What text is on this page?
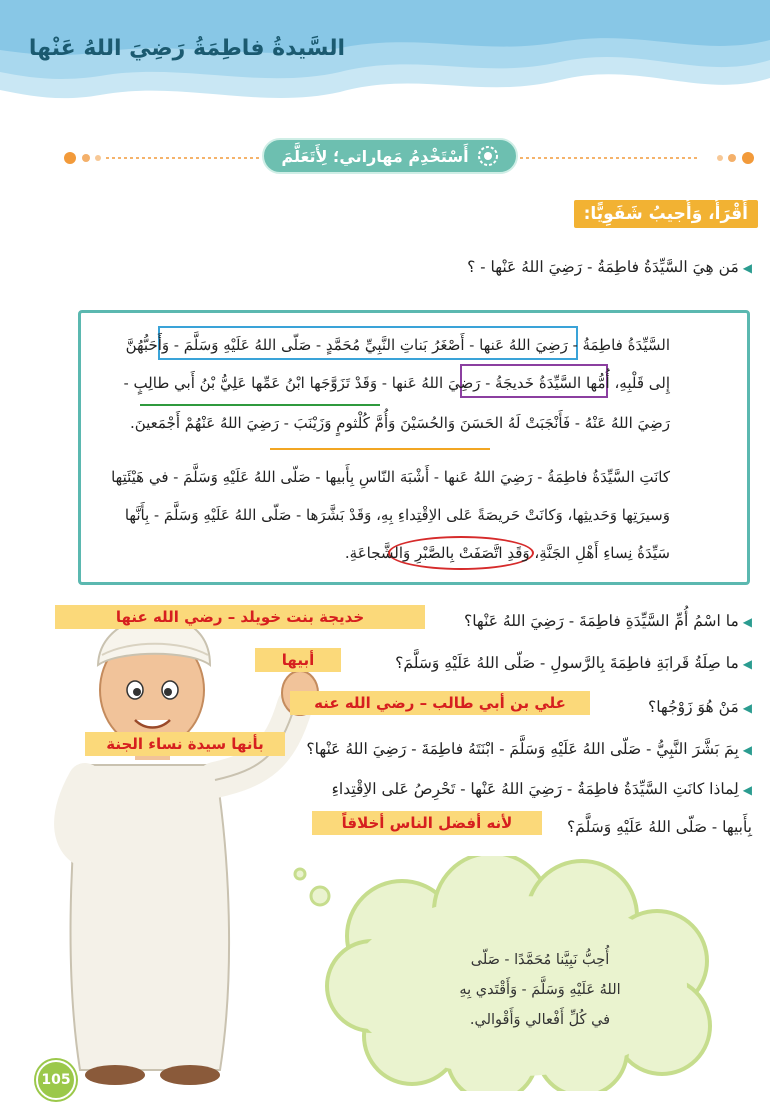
السَّيدةُ فاطِمَةُ رَضِيَ اللهُ عَنْها
أَسْتَخْدِمُ مَهاراتي؛ لِأَتَعَلَّمَ
أَقْرَأُ، وَأُجيبُ شَفَوِيًّا:
◀مَن هِيَ السَّيِّدَةُ فاطِمَةُ - رَضِيَ اللهُ عَنْها - ؟
السَّيِّدَةُ فاطِمَةُ - رَضِيَ اللهُ عَنها - أَصْغَرُ بَناتِ النَّبِيِّ مُحَمَّدٍ - صَلّى اللهُ عَلَيْهِ وَسَلَّمَ - وَأَحَبُّهُنَّ
إِلى قَلْبِهِ، أُمُّها السَّيِّدَةُ خَديجَةُ - رَضِيَ اللهُ عَنها - وَقَدْ تَزَوَّجَها ابْنُ عَمِّها عَلِيُّ بْنُ أَبي طالِبٍ -
رَضِيَ اللهُ عَنْهُ - فَأَنْجَبَتْ لَهُ الحَسَنَ وَالحُسَيْنَ وَأُمَّ كُلْثومٍ وَزَيْنَبَ - رَضِيَ اللهُ عَنْهُمْ أَجْمَعينَ.
كانَتِ السَّيِّدَةُ فاطِمَةُ - رَضِيَ اللهُ عَنها - أَشْبَهَ النّاسِ بِأَبيها - صَلّى اللهُ عَلَيْهِ وَسَلَّمَ - في هَيْئَتِها
وَسيرَتِها وَحَديثِها، وَكانَتْ حَريصَةً عَلى الاِقْتِداءِ بِهِ، وَقَدْ بَشَّرَها - صَلّى اللهُ عَلَيْهِ وَسَلَّمَ - بِأَنَّها
سَيِّدَةُ نِساءِ أَهْلِ الجَنَّةِ، وَقَدِ اتَّصَفَتْ بِالصَّبْرِ وَالشَّجاعَةِ.
أُحِبُّ نَبِيَّنا مُحَمَّدًا - صَلّى
اللهُ عَلَيْهِ وَسَلَّمَ - وَأَقْتَدي بِهِ
في كُلِّ أَفْعالي وَأَقْوالي.
◀ما اسْمُ أُمِّ السَّيِّدَةِ فاطِمَةَ - رَضِيَ اللهُ عَنْها؟
خديجة بنت خويلد – رضي الله عنها
◀ما صِلَةُ قَرابَةِ فاطِمَةَ بِالرَّسولِ - صَلّى اللهُ عَلَيْهِ وَسَلَّمَ؟
أبيها
◀مَنْ هُوَ زَوْجُها؟
علي بن أبي طالب – رضي الله عنه
◀بِمَ بَشَّرَ النَّبِيُّ - صَلّى اللهُ عَلَيْهِ وَسَلَّمَ - ابْنَتَهُ فاطِمَةَ - رَضِيَ اللهُ عَنْها؟
بأنها سيدة نساء الجنة
◀لِماذا كانَتِ السَّيِّدَةُ فاطِمَةُ - رَضِيَ اللهُ عَنْها - تَحْرِصُ عَلى الاِقْتِداءِ
بِأَبيها - صَلّى اللهُ عَلَيْهِ وَسَلَّمَ؟
لأنه أفضل الناس أخلاقاً
105
